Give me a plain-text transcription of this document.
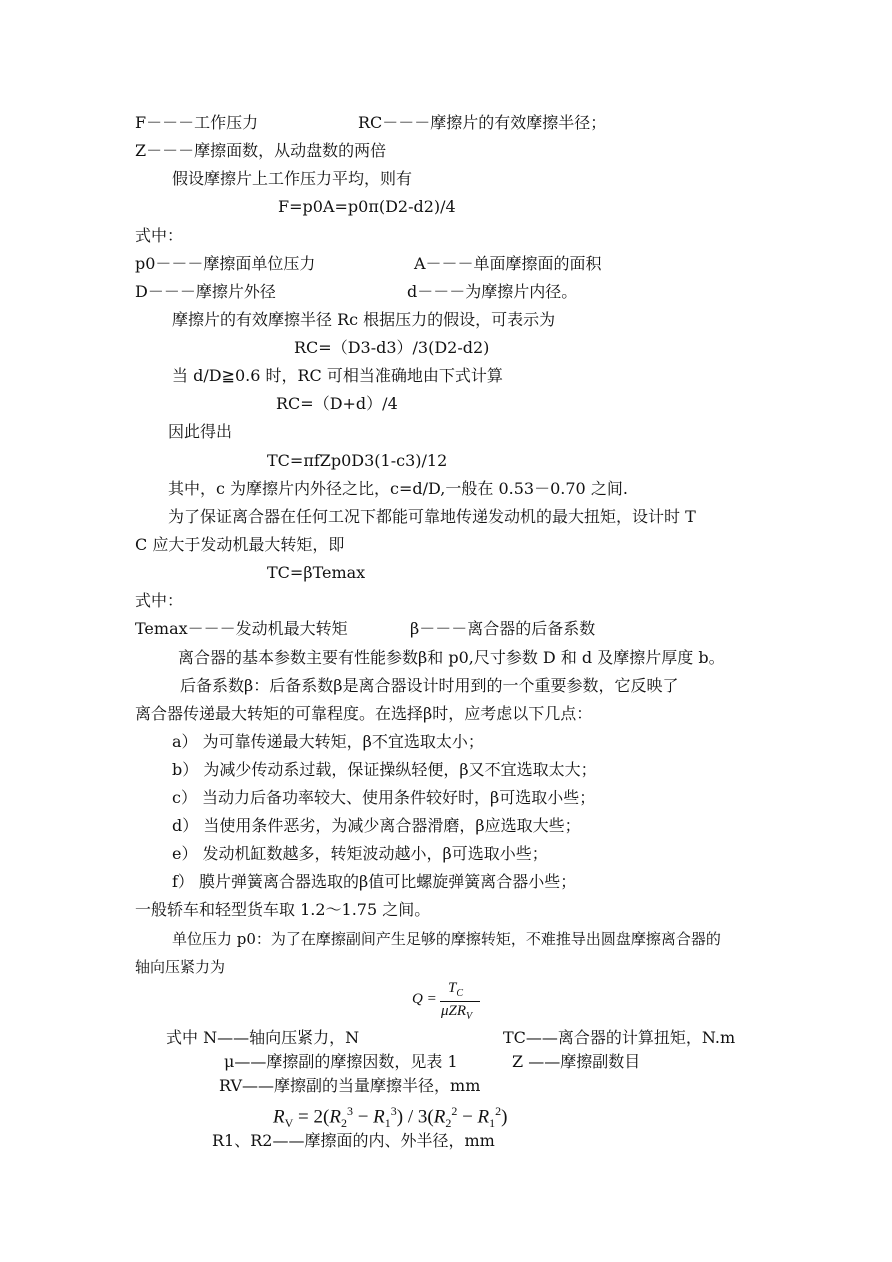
F－－－工作压力	RC－－－摩擦片的有效摩擦半径；
Z－－－摩擦面数，从动盘数的两倍
假设摩擦片上工作压力平均，则有
F=p0A=p0π(D2-d2)/4
式中：
p0－－－摩擦面单位压力	A－－－单面摩擦面的面积
D－－－摩擦片外径	d－－－为摩擦片内径。
摩擦片的有效摩擦半径 Rc 根据压力的假设，可表示为
RC=（D3-d3）/3(D2-d2)
当 d/D≧0.6 时，RC 可相当准确地由下式计算
RC=（D+d）/4
因此得出
TC=πfZp0D3(1-c3)/12
其中，c 为摩擦片内外径之比，c=d/D,一般在 0.53－0.70 之间.
为了保证离合器在任何工况下都能可靠地传递发动机的最大扭矩，设计时 T
C 应大于发动机最大转矩，即
TC=βTemax
式中：
Temax－－－发动机最大转矩	β－－－离合器的后备系数
离合器的基本参数主要有性能参数β和 p0,尺寸参数 D 和 d 及摩擦片厚度 b。
后备系数β：后备系数β是离合器设计时用到的一个重要参数，它反映了
离合器传递最大转矩的可靠程度。在选择β时，应考虑以下几点：
a） 为可靠传递最大转矩，β不宜选取太小；
b） 为减少传动系过载，保证操纵轻便，β又不宜选取太大；
c） 当动力后备功率较大、使用条件较好时，β可选取小些；
d） 当使用条件恶劣，为减少离合器滑磨，β应选取大些；
e） 发动机缸数越多，转矩波动越小，β可选取小些；
f） 膜片弹簧离合器选取的β值可比螺旋弹簧离合器小些；
一般轿车和轻型货车取 1.2～1.75 之间。
单位压力 p0：为了在摩擦副间产生足够的摩擦转矩，不难推导出圆盘摩擦离合器的
轴向压紧力为
Q =
$T_C$
μZR$_V$
式中 N——轴向压紧力，N	TC——离合器的计算扭矩，N.m
μ——摩擦副的摩擦因数，见表 1	Z ——摩擦副数目
RV——摩擦副的当量摩擦半径，mm
$R_V = 2(R_2^3 - R_1^3) / 3(R_2^2 - R_1^2)$
R1、R2——摩擦面的内、外半径，mm
